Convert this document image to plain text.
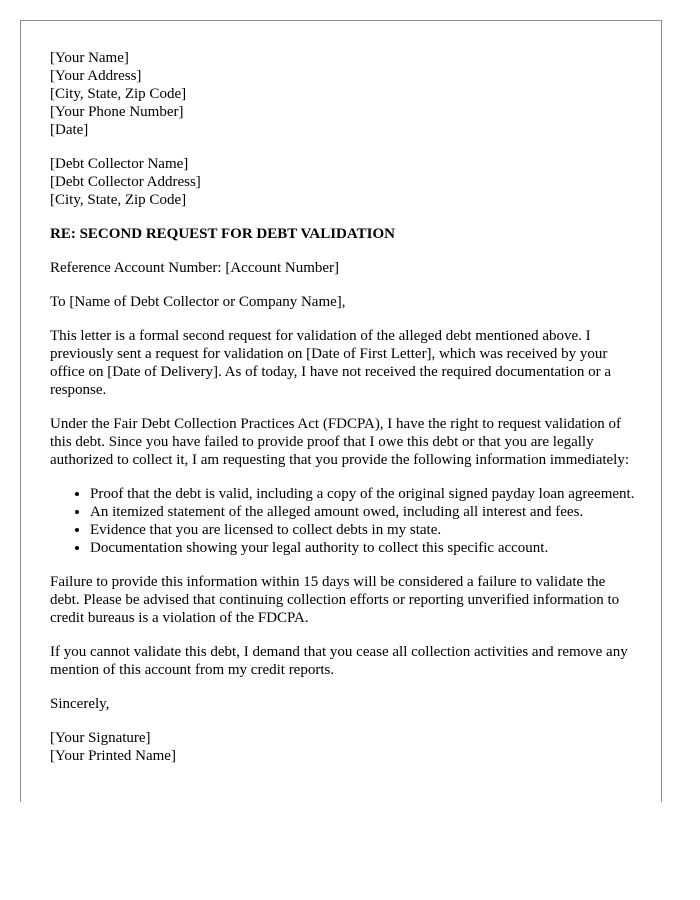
[Your Name]
[Your Address]
[City, State, Zip Code]
[Your Phone Number]
[Date]
[Debt Collector Name]
[Debt Collector Address]
[City, State, Zip Code]
RE: SECOND REQUEST FOR DEBT VALIDATION

Reference Account Number: [Account Number]

To [Name of Debt Collector or Company Name],

This letter is a formal second request for validation of the alleged debt mentioned above. I previously sent a request for validation on [Date of First Letter], which was received by your office on [Date of Delivery]. As of today, I have not received the required documentation or a response.

Under the Fair Debt Collection Practices Act (FDCPA), I have the right to request validation of this debt. Since you have failed to provide proof that I owe this debt or that you are legally authorized to collect it, I am requesting that you provide the following information immediately:

• Proof that the debt is valid, including a copy of the original signed payday loan agreement.
• An itemized statement of the alleged amount owed, including all interest and fees.
• Evidence that you are licensed to collect debts in my state.
• Documentation showing your legal authority to collect this specific account.

Failure to provide this information within 15 days will be considered a failure to validate the debt. Please be advised that continuing collection efforts or reporting unverified information to credit bureaus is a violation of the FDCPA.

If you cannot validate this debt, I demand that you cease all collection activities and remove any mention of this account from my credit reports.

Sincerely,

[Your Signature]
[Your Printed Name]
